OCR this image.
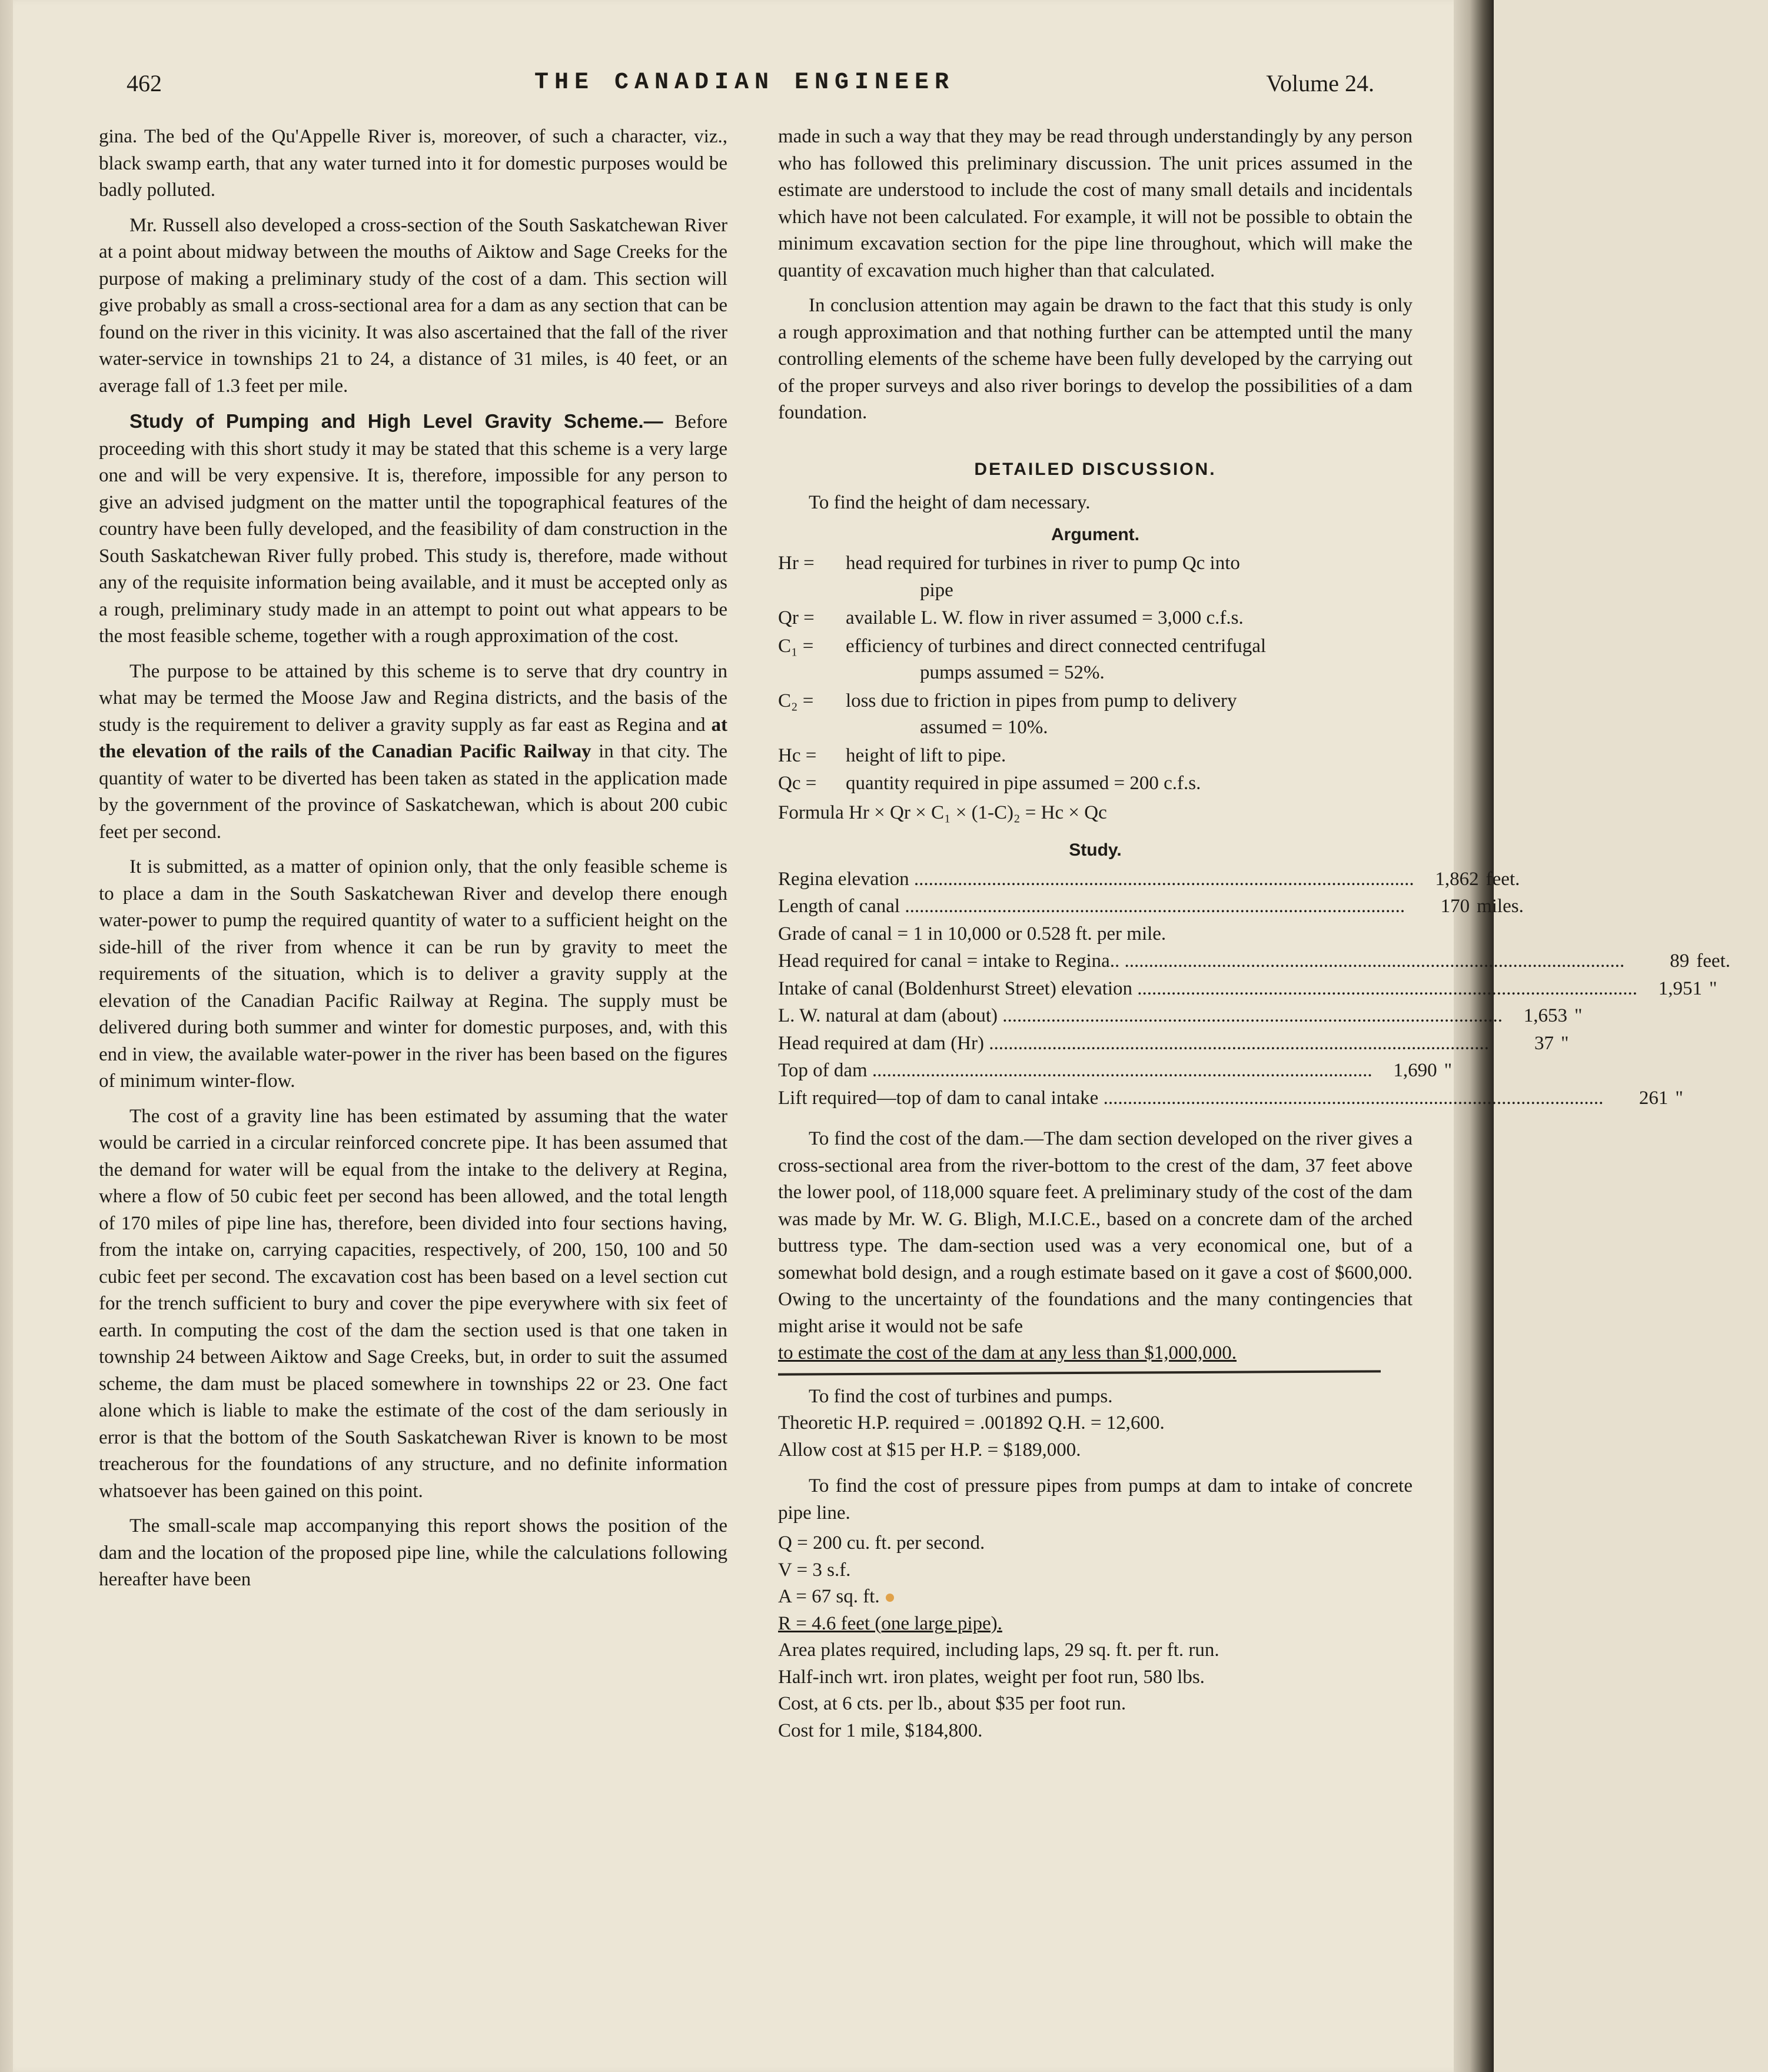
462	THE CANADIAN ENGINEER	Volume 24.

gina. The bed of the Qu'Appelle River is, moreover, of such a character, viz., black swamp earth, that any water turned into it for domestic purposes would be badly polluted.

Mr. Russell also developed a cross-section of the South Saskatchewan River at a point about midway between the mouths of Aiktow and Sage Creeks for the purpose of making a preliminary study of the cost of a dam. This section will give probably as small a cross-sectional area for a dam as any section that can be found on the river in this vicinity. It was also ascertained that the fall of the river water-service in townships 21 to 24, a distance of 31 miles, is 40 feet, or an average fall of 1.3 feet per mile.

Study of Pumping and High Level Gravity Scheme.— Before proceeding with this short study it may be stated that this scheme is a very large one and will be very expensive. It is, therefore, impossible for any person to give an advised judgment on the matter until the topographical features of the country have been fully developed, and the feasibility of dam construction in the South Saskatchewan River fully probed. This study is, therefore, made without any of the requisite information being available, and it must be accepted only as a rough, preliminary study made in an attempt to point out what appears to be the most feasible scheme, together with a rough approximation of the cost.

The purpose to be attained by this scheme is to serve that dry country in what may be termed the Moose Jaw and Regina districts, and the basis of the study is the requirement to deliver a gravity supply as far east as Regina and at the elevation of the rails of the Canadian Pacific Railway in that city. The quantity of water to be diverted has been taken as stated in the application made by the government of the province of Saskatchewan, which is about 200 cubic feet per second.

It is submitted, as a matter of opinion only, that the only feasible scheme is to place a dam in the South Saskatchewan River and develop there enough water-power to pump the required quantity of water to a sufficient height on the side-hill of the river from whence it can be run by gravity to meet the requirements of the situation, which is to deliver a gravity supply at the elevation of the Canadian Pacific Railway at Regina. The supply must be delivered during both summer and winter for domestic purposes, and, with this end in view, the available water-power in the river has been based on the figures of minimum winter-flow.

The cost of a gravity line has been estimated by assuming that the water would be carried in a circular reinforced concrete pipe. It has been assumed that the demand for water will be equal from the intake to the delivery at Regina, where a flow of 50 cubic feet per second has been allowed, and the total length of 170 miles of pipe line has, therefore, been divided into four sections having, from the intake on, carrying capacities, respectively, of 200, 150, 100 and 50 cubic feet per second. The excavation cost has been based on a level section cut for the trench sufficient to bury and cover the pipe everywhere with six feet of earth. In computing the cost of the dam the section used is that one taken in township 24 between Aiktow and Sage Creeks, but, in order to suit the assumed scheme, the dam must be placed somewhere in townships 22 or 23. One fact alone which is liable to make the estimate of the cost of the dam seriously in error is that the bottom of the South Saskatchewan River is known to be most treacherous for the foundations of any structure, and no definite information whatsoever has been gained on this point.

The small-scale map accompanying this report shows the position of the dam and the location of the proposed pipe line, while the calculations following hereafter have been

made in such a way that they may be read through understandingly by any person who has followed this preliminary discussion. The unit prices assumed in the estimate are understood to include the cost of many small details and incidentals which have not been calculated. For example, it will not be possible to obtain the minimum excavation section for the pipe line throughout, which will make the quantity of excavation much higher than that calculated.

In conclusion attention may again be drawn to the fact that this study is only a rough approximation and that nothing further can be attempted until the many controlling elements of the scheme have been fully developed by the carrying out of the proper surveys and also river borings to develop the possibilities of a dam foundation.

DETAILED DISCUSSION.

To find the height of dam necessary.

Argument.
Hr =	head required for turbines in river to pump Qc into
pipe
Qr =	available L. W. flow in river assumed = 3,000 c.f.s.
C₁ =	efficiency of turbines and direct connected centrifugal
pumps assumed = 52%.
C₂ =	loss due to friction in pipes from pump to delivery
assumed = 10%.
Hc =	height of lift to pipe.
Qc =	quantity required in pipe assumed = 200 c.f.s.
Formula Hr × Qr × C₁ × (1-C)₂ = Hc × Qc
Study.
Regina elevation .....	1,862 feet.
Length of canal .....	170 miles.
Grade of canal = 1 in 10,000 or 0.528 ft. per mile.
Head required for canal = intake to Regina.. .....	89 feet.
Intake of canal (Boldenhurst Street) elevation .....	1,951 "
L. W. natural at dam (about) .....	1,653 "
Head required at dam (Hr) .....	37 "
Top of dam .....	1,690 "
Lift required—top of dam to canal intake .....	261 "

To find the cost of the dam.—The dam section developed on the river gives a cross-sectional area from the river-bottom to the crest of the dam, 37 feet above the lower pool, of 118,000 square feet. A preliminary study of the cost of the dam was made by Mr. W. G. Bligh, M.I.C.E., based on a concrete dam of the arched buttress type. The dam-section used was a very economical one, but of a somewhat bold design, and a rough estimate based on it gave a cost of $600,000. Owing to the uncertainty of the foundations and the many contingencies that might arise it would not be safe

to estimate the cost of the dam at any less than $1,000,000.

To find the cost of turbines and pumps.

Theoretic H.P. required = .001892 Q.H. = 12,600.
Allow cost at $15 per H.P. = $189,000.

To find the cost of pressure pipes from pumps at dam to intake of concrete pipe line.

Q = 200 cu. ft. per second.
V = 3 s.f.
A = 67 sq. ft.
R = 4.6 feet (one large pipe).
Area plates required, including laps, 29 sq. ft. per ft. run.
Half-inch wrt. iron plates, weight per foot run, 580 lbs.
Cost, at 6 cts. per lb., about $35 per foot run.
Cost for 1 mile, $184,800.
